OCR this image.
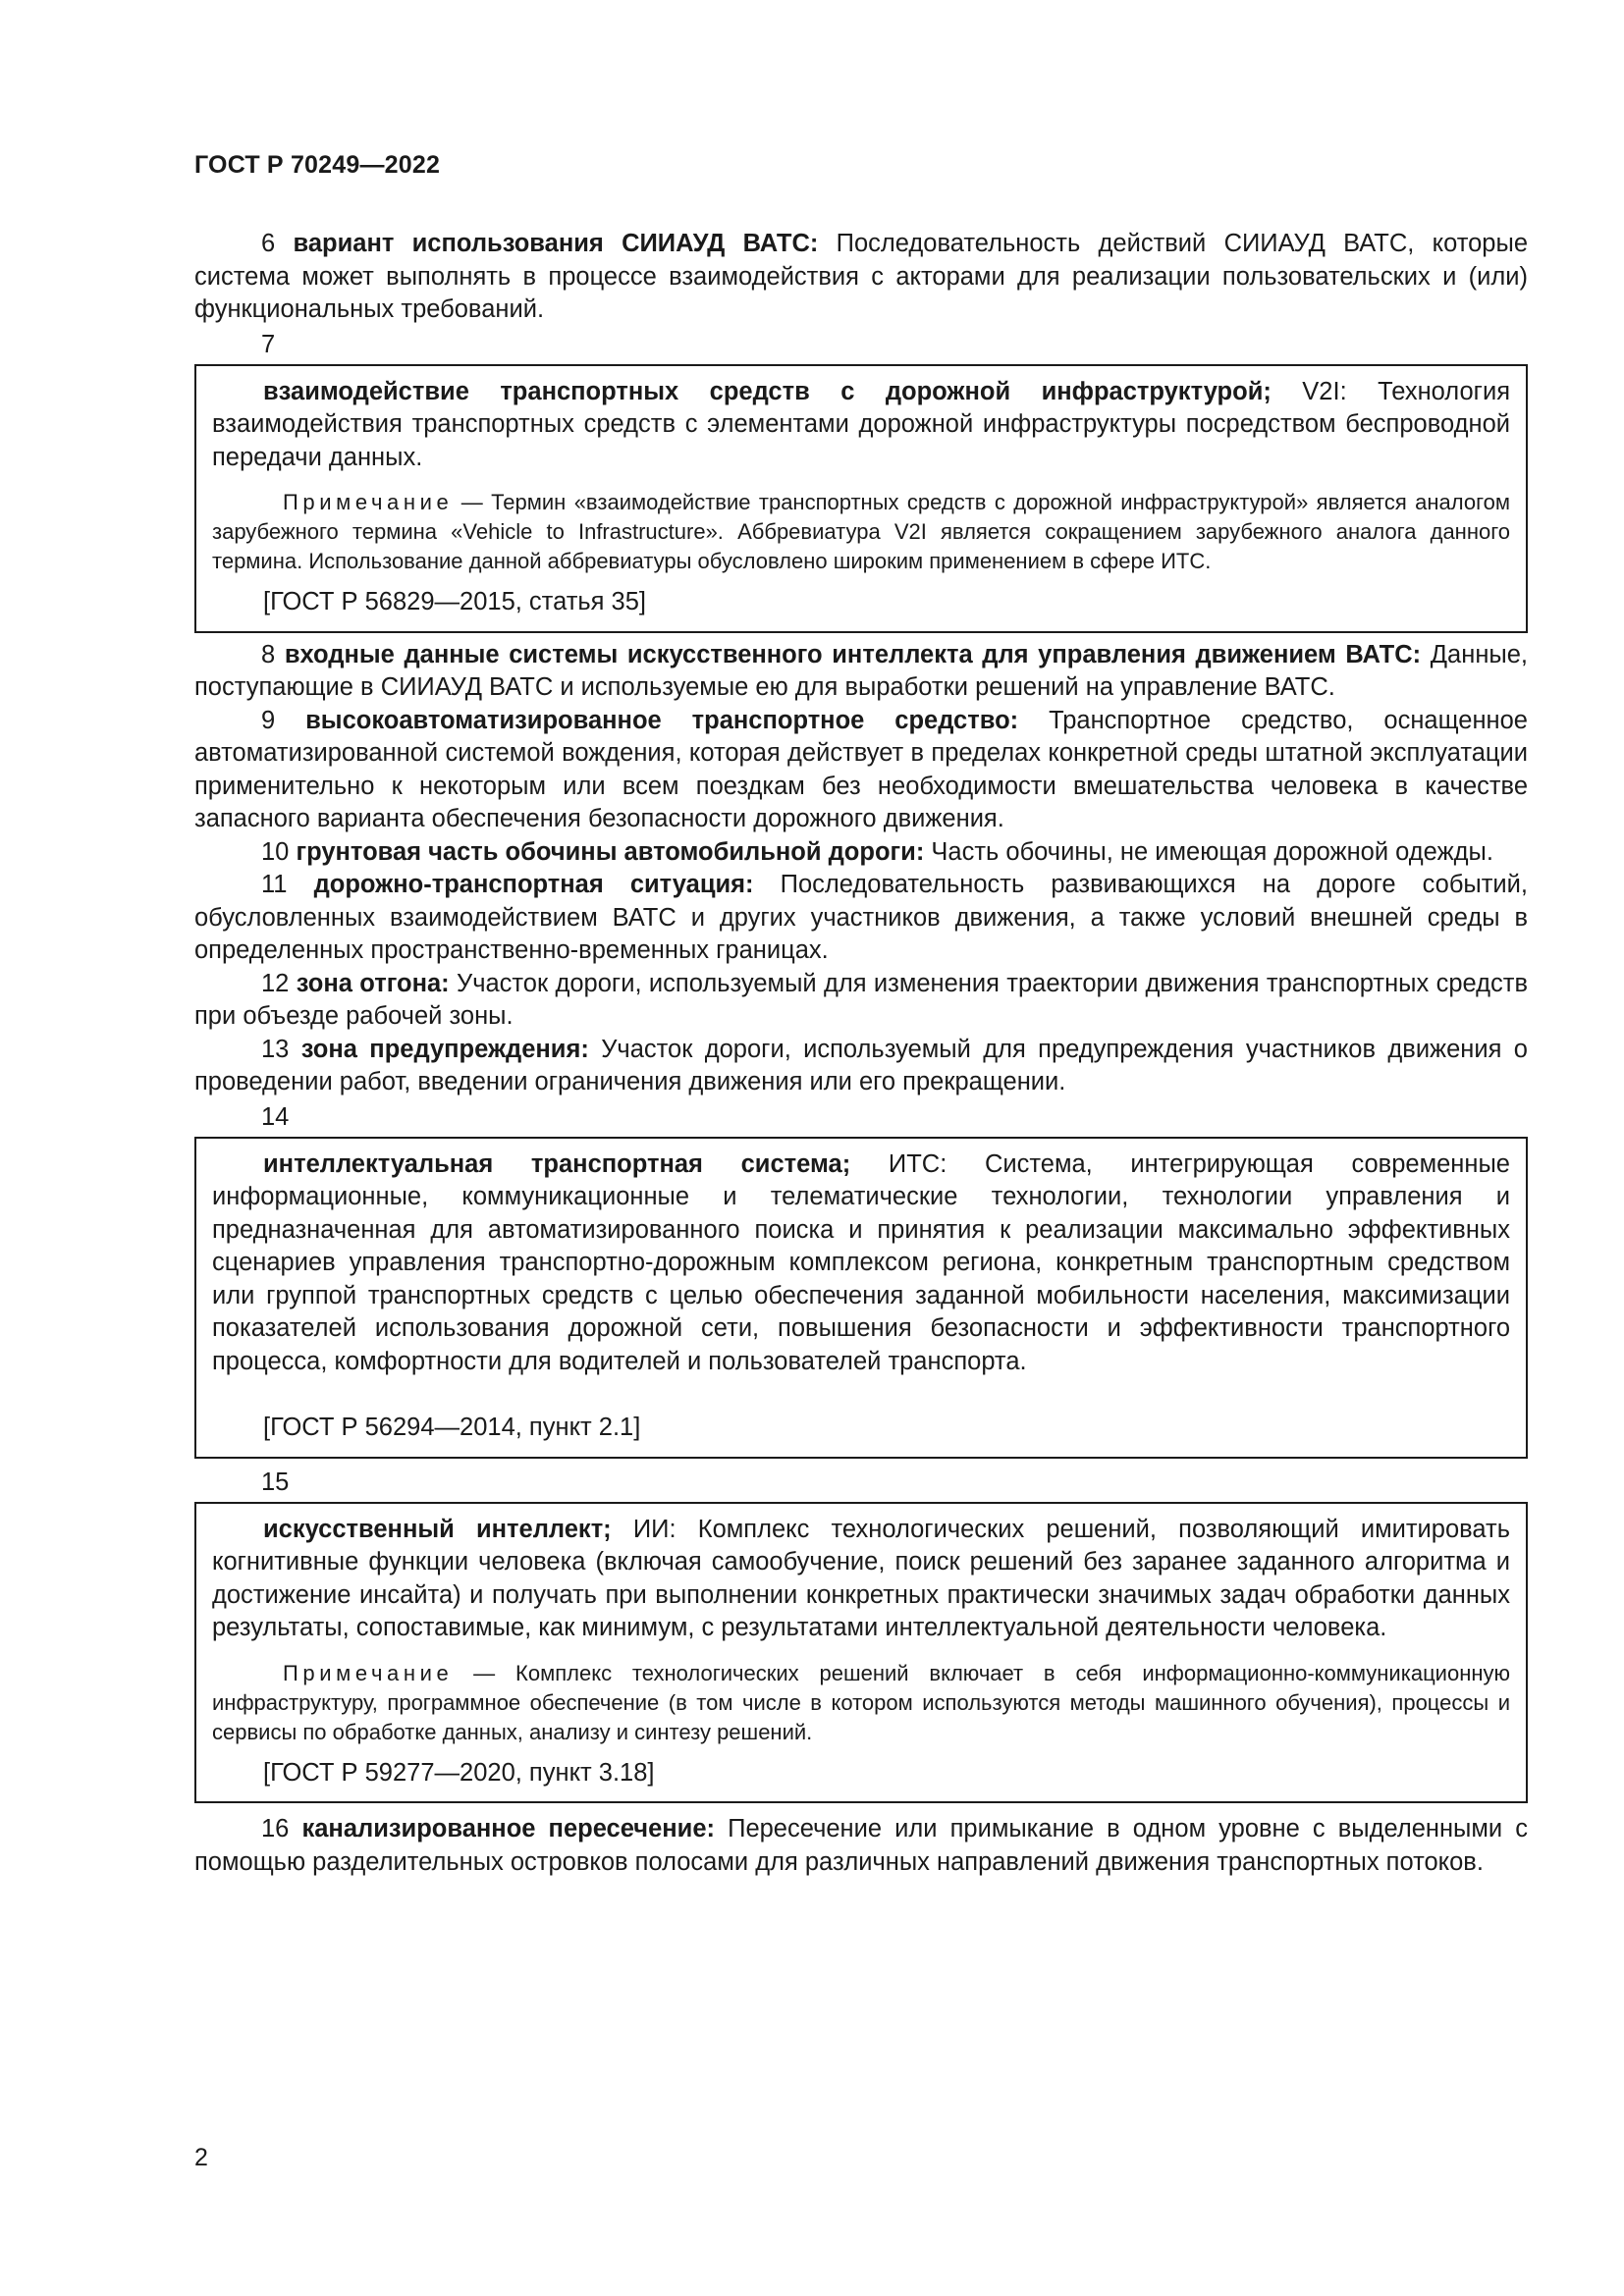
ГОСТ Р 70249—2022

6 вариант использования СИИАУД ВАТС: Последовательность действий СИИАУД ВАТС, которые система может выполнять в процессе взаимодействия с акторами для реализации пользовательских и (или) функциональных требований.

7

взаимодействие транспортных средств с дорожной инфраструктурой; V2I: Технология взаимодействия транспортных средств с элементами дорожной инфраструктуры посредством беспроводной передачи данных.

Примечание — Термин «взаимодействие транспортных средств с дорожной инфраструктурой» является аналогом зарубежного термина «Vehicle to Infrastructure». Аббревиатура V2I является сокращением зарубежного аналога данного термина. Использование данной аббревиатуры обусловлено широким применением в сфере ИТС.

[ГОСТ Р 56829—2015, статья 35]

8 входные данные системы искусственного интеллекта для управления движением ВАТС: Данные, поступающие в СИИАУД ВАТС и используемые ею для выработки решений на управление ВАТС.

9 высокоавтоматизированное транспортное средство: Транспортное средство, оснащенное автоматизированной системой вождения, которая действует в пределах конкретной среды штатной эксплуатации применительно к некоторым или всем поездкам без необходимости вмешательства человека в качестве запасного варианта обеспечения безопасности дорожного движения.

10 грунтовая часть обочины автомобильной дороги: Часть обочины, не имеющая дорожной одежды.

11 дорожно-транспортная ситуация: Последовательность развивающихся на дороге событий, обусловленных взаимодействием ВАТС и других участников движения, а также условий внешней среды в определенных пространственно-временных границах.

12 зона отгона: Участок дороги, используемый для изменения траектории движения транспортных средств при объезде рабочей зоны.

13 зона предупреждения: Участок дороги, используемый для предупреждения участников движения о проведении работ, введении ограничения движения или его прекращении.

14

интеллектуальная транспортная система; ИТС: Система, интегрирующая современные информационные, коммуникационные и телематические технологии, технологии управления и предназначенная для автоматизированного поиска и принятия к реализации максимально эффективных сценариев управления транспортно-дорожным комплексом региона, конкретным транспортным средством или группой транспортных средств с целью обеспечения заданной мобильности населения, максимизации показателей использования дорожной сети, повышения безопасности и эффективности транспортного процесса, комфортности для водителей и пользователей транспорта.

[ГОСТ Р 56294—2014, пункт 2.1]

15

искусственный интеллект; ИИ: Комплекс технологических решений, позволяющий имитировать когнитивные функции человека (включая самообучение, поиск решений без заранее заданного алгоритма и достижение инсайта) и получать при выполнении конкретных практически значимых задач обработки данных результаты, сопоставимые, как минимум, с результатами интеллектуальной деятельности человека.

Примечание — Комплекс технологических решений включает в себя информационно-коммуникационную инфраструктуру, программное обеспечение (в том числе в котором используются методы машинного обучения), процессы и сервисы по обработке данных, анализу и синтезу решений.

[ГОСТ Р 59277—2020, пункт 3.18]

16 канализированное пересечение: Пересечение или примыкание в одном уровне с выделенными с помощью разделительных островков полосами для различных направлений движения транспортных потоков.

2
